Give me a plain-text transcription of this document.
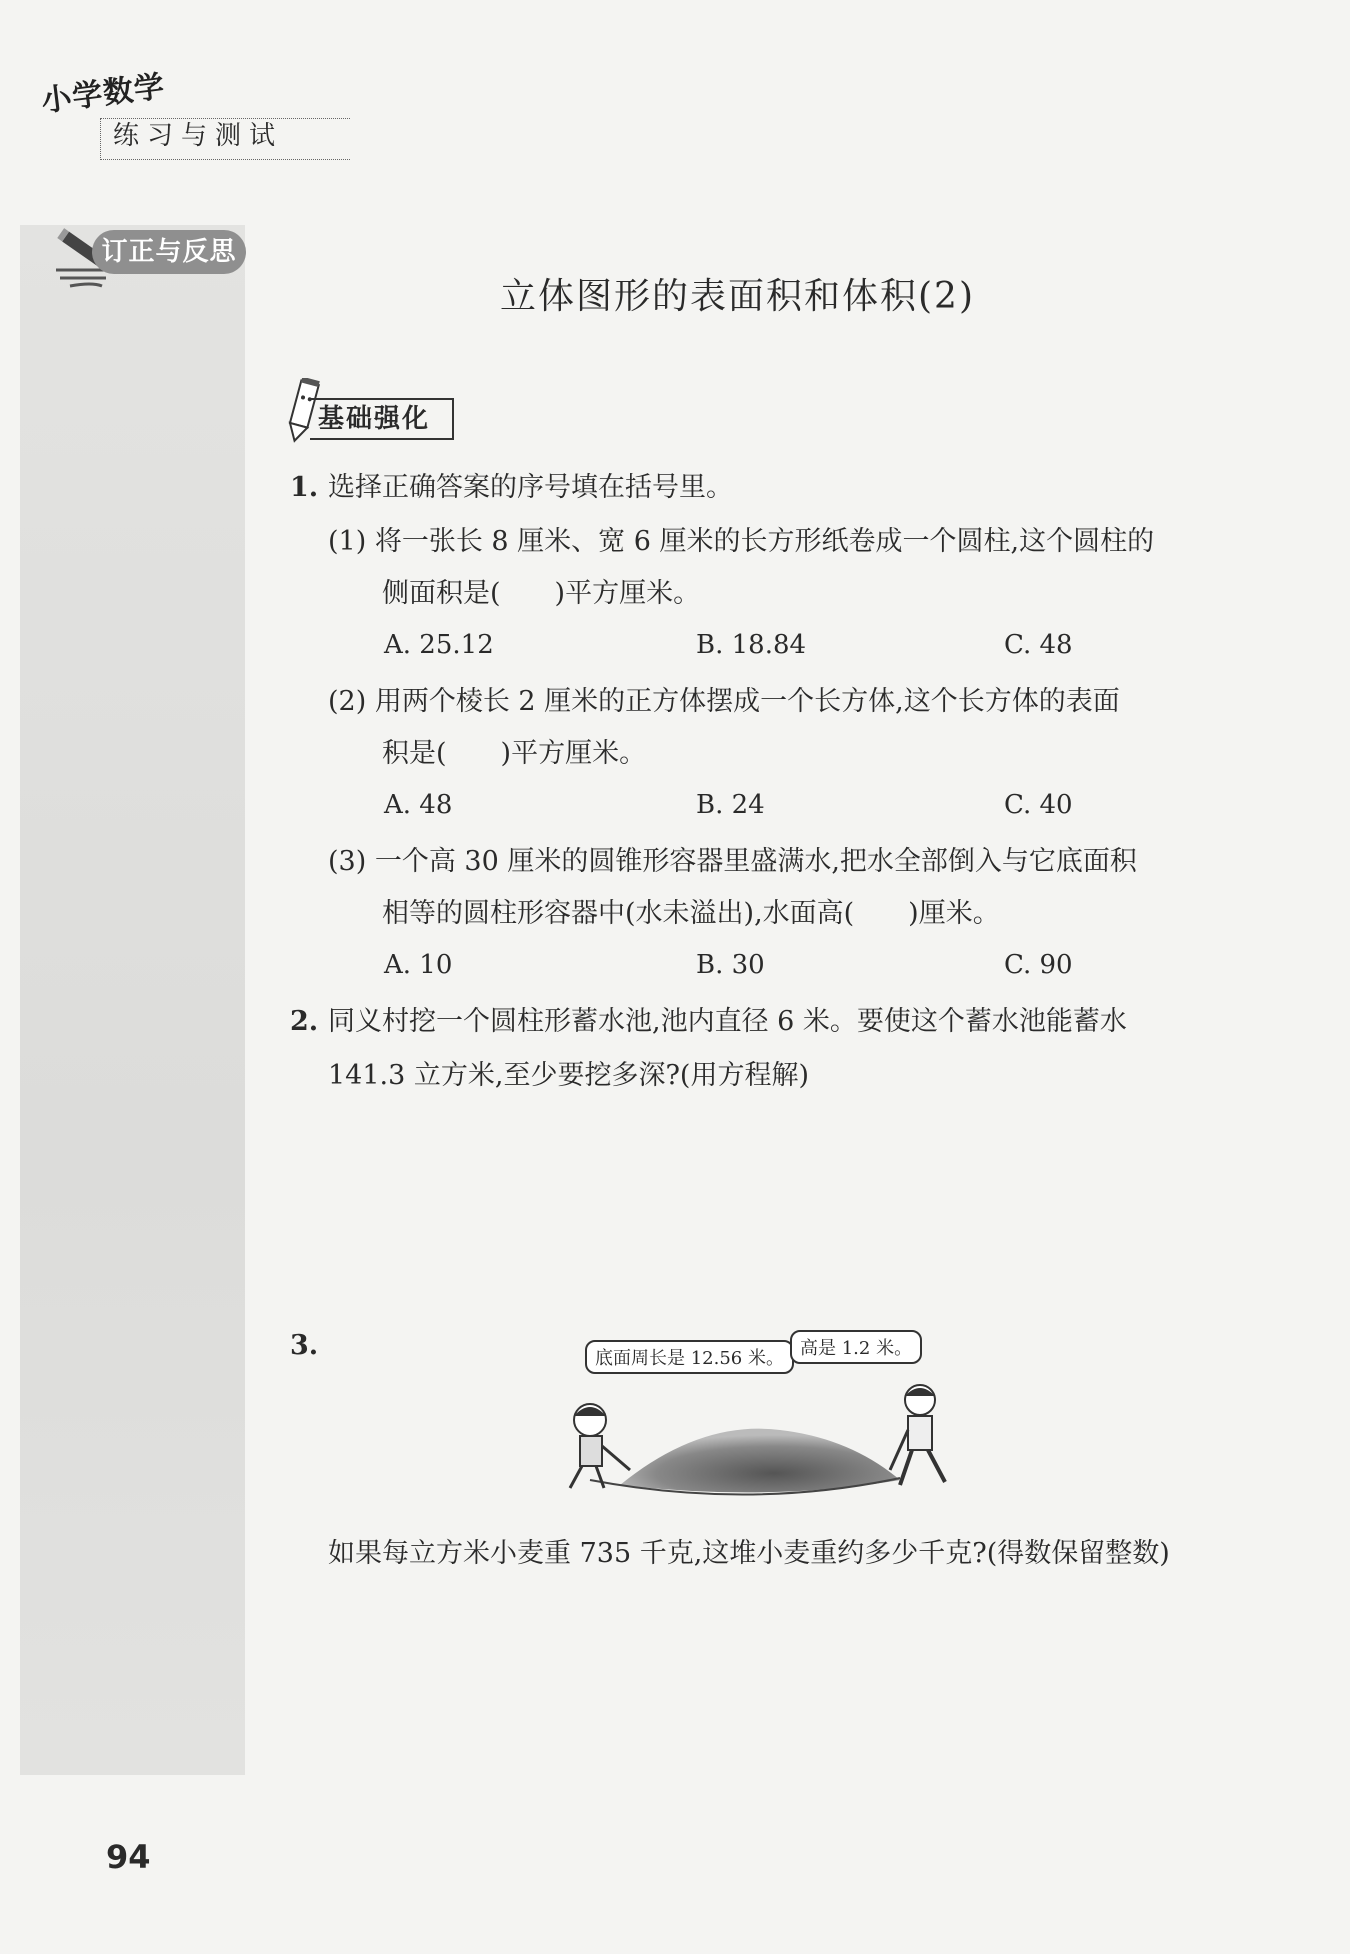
小学数学
练习与测试
订正与反思
立体图形的表面积和体积(2)
基础强化
1. 选择正确答案的序号填在括号里。
(1) 将一张长 8 厘米、宽 6 厘米的长方形纸卷成一个圆柱,这个圆柱的
侧面积是(　　)平方厘米。
A. 25.12	B. 18.84	C. 48
(2) 用两个棱长 2 厘米的正方体摆成一个长方体,这个长方体的表面
积是(　　)平方厘米。
A. 48	B. 24	C. 40
(3) 一个高 30 厘米的圆锥形容器里盛满水,把水全部倒入与它底面积
相等的圆柱形容器中(水未溢出),水面高(　　)厘米。
A. 10	B. 30	C. 90
2. 同义村挖一个圆柱形蓄水池,池内直径 6 米。要使这个蓄水池能蓄水
141.3 立方米,至少要挖多深?(用方程解)
3.	底面周长是 12.56 米。 高是 1.2 米。
如果每立方米小麦重 735 千克,这堆小麦重约多少千克?(得数保留整数)
94
